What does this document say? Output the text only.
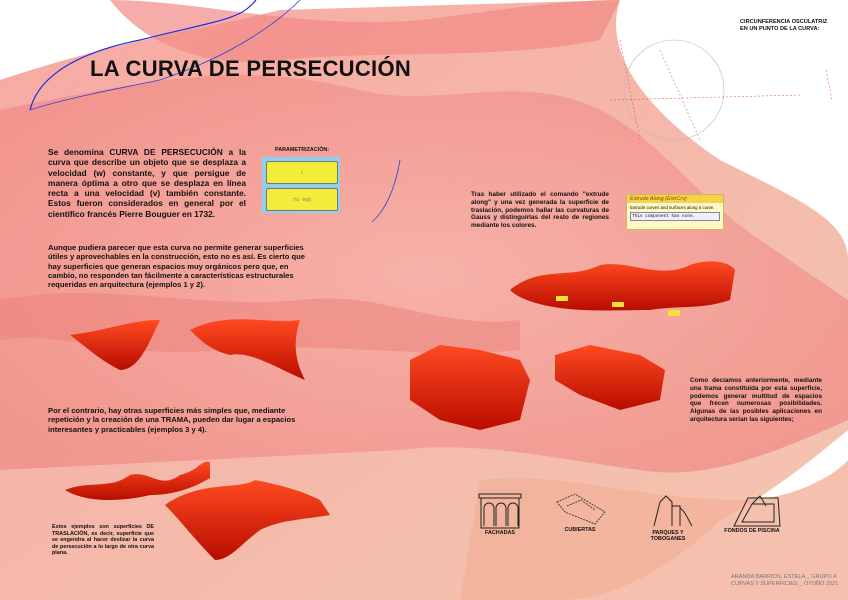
LA CURVA DE PERSECUCIÓN
Se denomina CURVA DE PERSECUCIÓN a la curva que describe un objeto que se desplaza a velocidad (w) constante, y que persigue de manera óptima a otro que se desplaza en línea recta a una velocidad (v) también constante. Estos fueron considerados en general por el científico francés Pierre Bouguer en 1732.
PARAMETRIZACIÓN:
t
t^2 - ln(t)
CIRCUNFERENCIA OSCULATRIZ EN UN PUNTO DE LA CURVA:
Aunque pudiera parecer que esta curva no permite generar superficies útiles y aprovechables en la construcción, esto no es así. Es cierto que hay superficies que generan espacios muy orgánicos pero que, en cambio, no responden tan fácilmente a características estructurales requeridas en arquitectura (ejemplos 1 y 2).
Por el contrario, hay otras superficies más simples que, mediante repetición y la creación de una TRAMA, pueden dar lugar a espacios interesantes y practicables (ejemplos 3 y 4).
Estos ejemplos son superficies DE TRASLACIÓN, es decir, superficie que se engendra al hacer deslizar la curva de persecución a lo largo de otra curva plana.
Tras haber utilizado el comando "extrude along" y una vez generada la superficie de traslación, podemos hallar las curvaturas de Gauss y distinguirlas del resto de regiones mediante los colores.
Extrude Along (ExtrCrv)
Extrude curves and surfaces along a curve.
This component has none.
Como decíamos anteriormente, mediante una trama constituida por esta superficie, podemos generar multitud de espacios que frecen numerosas posibilidades. Algunas de las posibles aplicaciones en arquitectura serían las siguientes;
FACHADAS	CUBIERTAS	PARQUES Y TOBOGANES
FONDOS DE PISCINA
ARANDA BARRIOS, ESTELA _ GRUPO A
CURVAS Y SUPERFICIES _ OTOÑO 2021
